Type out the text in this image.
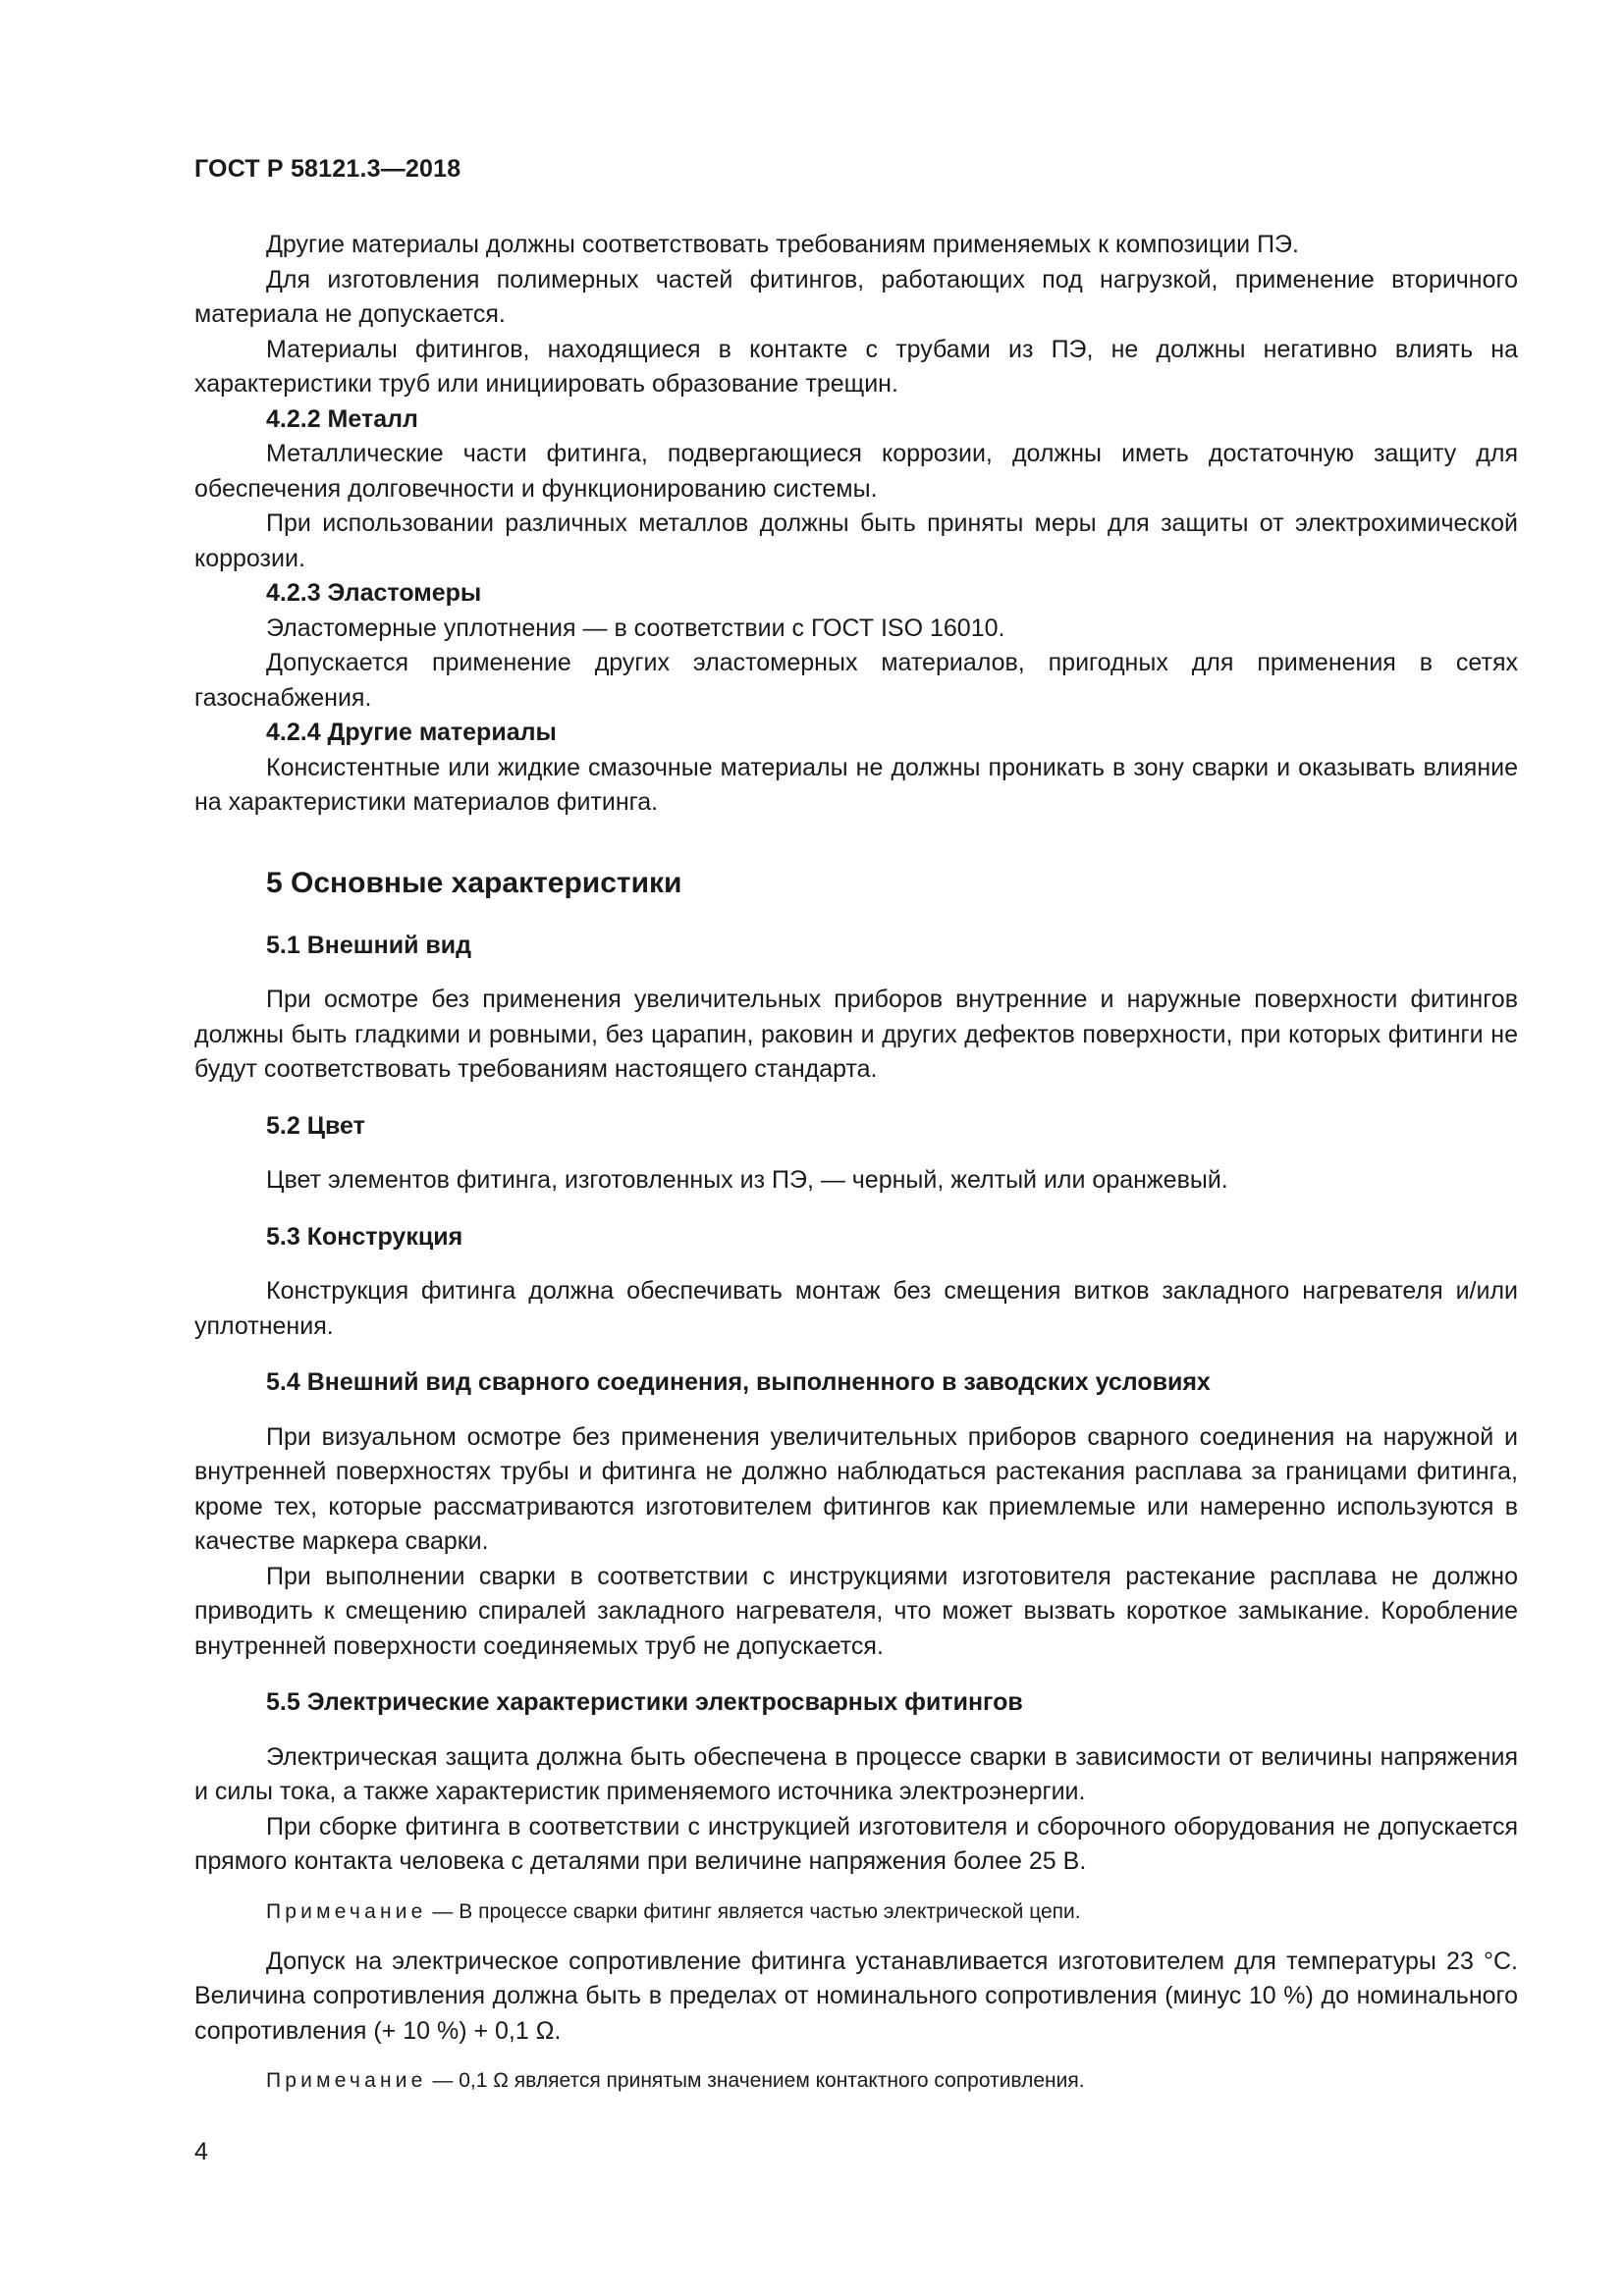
ГОСТ Р 58121.3—2018

Другие материалы должны соответствовать требованиям применяемых к композиции ПЭ.

Для изготовления полимерных частей фитингов, работающих под нагрузкой, применение вторичного материала не допускается.

Материалы фитингов, находящиеся в контакте с трубами из ПЭ, не должны негативно влиять на характеристики труб или инициировать образование трещин.

4.2.2 Металл

Металлические части фитинга, подвергающиеся коррозии, должны иметь достаточную защиту для обеспечения долговечности и функционированию системы.

При использовании различных металлов должны быть приняты меры для защиты от электрохимической коррозии.

4.2.3 Эластомеры

Эластомерные уплотнения — в соответствии с ГОСТ ISO 16010.

Допускается применение других эластомерных материалов, пригодных для применения в сетях газоснабжения.

4.2.4 Другие материалы

Консистентные или жидкие смазочные материалы не должны проникать в зону сварки и оказывать влияние на характеристики материалов фитинга.

5 Основные характеристики

5.1 Внешний вид

При осмотре без применения увеличительных приборов внутренние и наружные поверхности фитингов должны быть гладкими и ровными, без царапин, раковин и других дефектов поверхности, при которых фитинги не будут соответствовать требованиям настоящего стандарта.

5.2 Цвет

Цвет элементов фитинга, изготовленных из ПЭ, — черный, желтый или оранжевый.

5.3 Конструкция

Конструкция фитинга должна обеспечивать монтаж без смещения витков закладного нагревателя и/или уплотнения.

5.4 Внешний вид сварного соединения, выполненного в заводских условиях

При визуальном осмотре без применения увеличительных приборов сварного соединения на наружной и внутренней поверхностях трубы и фитинга не должно наблюдаться растекания расплава за границами фитинга, кроме тех, которые рассматриваются изготовителем фитингов как приемлемые или намеренно используются в качестве маркера сварки.

При выполнении сварки в соответствии с инструкциями изготовителя растекание расплава не должно приводить к смещению спиралей закладного нагревателя, что может вызвать короткое замыкание. Коробление внутренней поверхности соединяемых труб не допускается.

5.5 Электрические характеристики электросварных фитингов

Электрическая защита должна быть обеспечена в процессе сварки в зависимости от величины напряжения и силы тока, а также характеристик применяемого источника электроэнергии.

При сборке фитинга в соответствии с инструкцией изготовителя и сборочного оборудования не допускается прямого контакта человека с деталями при величине напряжения более 25 В.

Примечание — В процессе сварки фитинг является частью электрической цепи.

Допуск на электрическое сопротивление фитинга устанавливается изготовителем для температуры 23 °С. Величина сопротивления должна быть в пределах от номинального сопротивления (минус 10 %) до номинального сопротивления (+ 10 %) + 0,1 Ω.

Примечание — 0,1 Ω является принятым значением контактного сопротивления.

4
